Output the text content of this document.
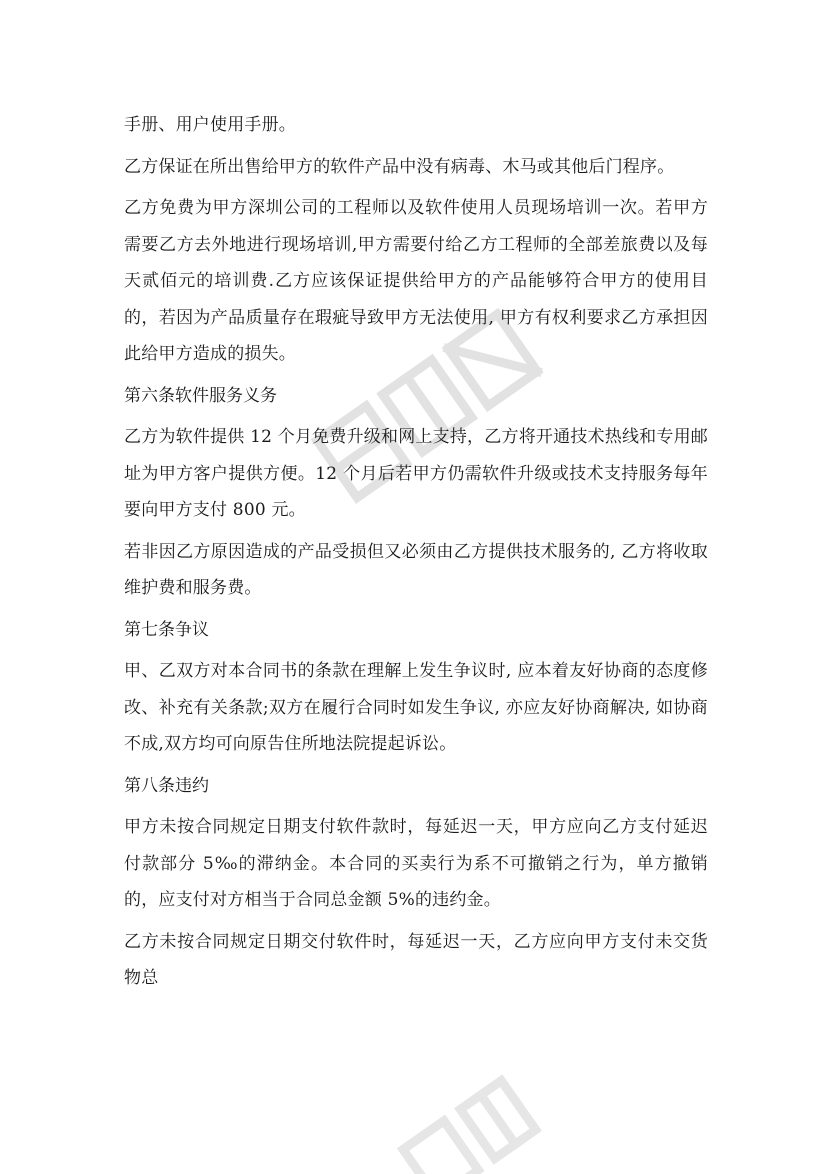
手册、用户使用手册。

乙方保证在所出售给甲方的软件产品中没有病毒、木马或其他后门程序。

乙方免费为甲方深圳公司的工程师以及软件使用人员现场培训一次。若甲方需要乙方去外地进行现场培训,甲方需要付给乙方工程师的全部差旅费以及每天贰佰元的培训费.乙方应该保证提供给甲方的产品能够符合甲方的使用目的，若因为产品质量存在瑕疵导致甲方无法使用, 甲方有权利要求乙方承担因此给甲方造成的损失。

第六条软件服务义务

乙方为软件提供 12 个月免费升级和网上支持，乙方将开通技术热线和专用邮址为甲方客户提供方便。12 个月后若甲方仍需软件升级或技术支持服务每年要向甲方支付 800 元。

若非因乙方原因造成的产品受损但又必须由乙方提供技术服务的, 乙方将收取维护费和服务费。

第七条争议

甲、乙双方对本合同书的条款在理解上发生争议时, 应本着友好协商的态度修改、补充有关条款;双方在履行合同时如发生争议, 亦应友好协商解决, 如协商不成,双方均可向原告住所地法院提起诉讼。

第八条违约

甲方未按合同规定日期支付软件款时，每延迟一天，甲方应向乙方支付延迟付款部分 5‰的滞纳金。本合同的买卖行为系不可撤销之行为，单方撤销的，应支付对方相当于合同总金额 5%的违约金。

乙方未按合同规定日期交付软件时，每延迟一天，乙方应向甲方支付未交货物总
